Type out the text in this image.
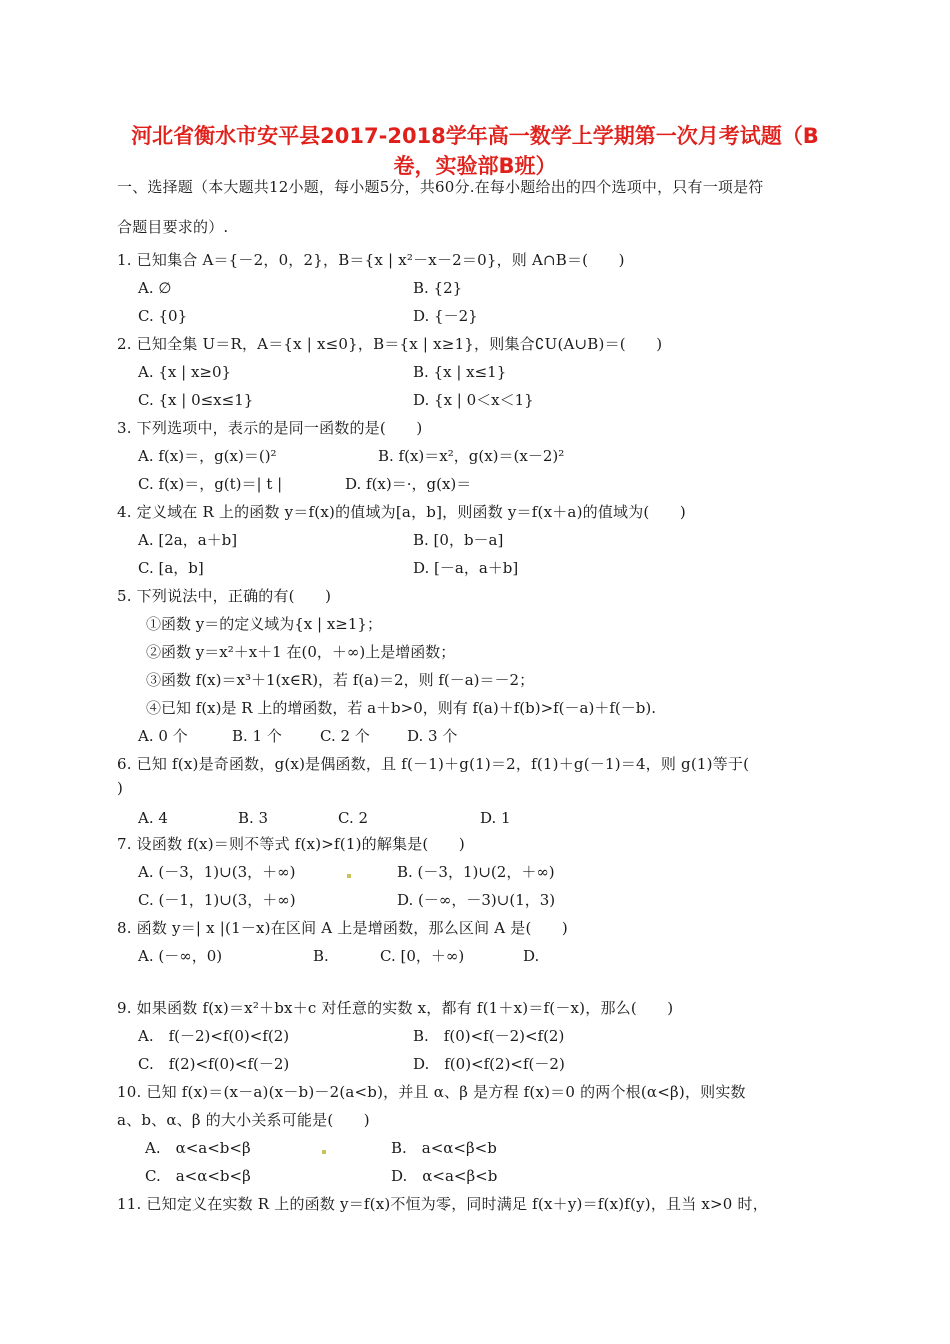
河北省衡水市安平县2017-2018学年高一数学上学期第一次月考试题（B
卷，实验部B班）
一、选择题（本大题共12小题，每小题5分，共60分.在每小题给出的四个选项中，只有一项是符
合题目要求的）.
1. 已知集合 A＝{－2，0，2}，B＝{x | x²－x－2＝0}，则 A∩B＝(　　)
A. ∅	B. {2}
C. {0}	D. {－2}
2. 已知全集 U＝R，A＝{x | x≤0}，B＝{x | x≥1}，则集合∁U(A∪B)＝(　　)
A. {x | x≥0}	B. {x | x≤1}
C. {x | 0≤x≤1}	D. {x | 0＜x＜1}
3. 下列选项中，表示的是同一函数的是(　　)
A. f(x)＝，g(x)＝()²	B. f(x)＝x²，g(x)＝(x－2)²
C. f(x)＝，g(t)＝| t |	D. f(x)＝·，g(x)＝
4. 定义域在 R 上的函数 y＝f(x)的值域为[a，b]，则函数 y＝f(x＋a)的值域为(　　)
A. [2a，a＋b]	B. [0，b－a]
C. [a，b]	D. [－a，a＋b]
5. 下列说法中，正确的有(　　)
①函数 y＝的定义域为{x | x≥1}；
②函数 y＝x²＋x＋1 在(0，＋∞)上是增函数；
③函数 f(x)＝x³＋1(x∈R)，若 f(a)＝2，则 f(－a)＝－2；
④已知 f(x)是 R 上的增函数，若 a＋b>0，则有 f(a)＋f(b)>f(－a)＋f(－b).
A. 0 个	B. 1 个	C. 2 个 D. 3 个
6. 已知 f(x)是奇函数，g(x)是偶函数，且 f(－1)＋g(1)＝2，f(1)＋g(－1)＝4，则 g(1)等于(
)
A. 4	B. 3	C. 2	D. 1
7. 设函数 f(x)＝则不等式 f(x)>f(1)的解集是(　　)
A. (－3，1)∪(3，＋∞)	B. (－3，1)∪(2，＋∞)
C. (－1，1)∪(3，＋∞)	D. (－∞，－3)∪(1，3)
8. 函数 y＝| x |(1－x)在区间 A 上是增函数，那么区间 A 是(　　)
A. (－∞，0)	B.	C. [0，＋∞)	D.
9. 如果函数 f(x)＝x²＋bx＋c 对任意的实数 x，都有 f(1＋x)＝f(－x)，那么(　　)
A.　f(－2)<f(0)<f(2)	B.　f(0)<f(－2)<f(2)
C.　f(2)<f(0)<f(－2)	D.　f(0)<f(2)<f(－2)
10. 已知 f(x)＝(x－a)(x－b)－2(a<b)，并且 α、β 是方程 f(x)＝0 的两个根(α<β)，则实数
a、b、α、β 的大小关系可能是(　　)
A.　α<a<b<β	B.　a<α<β<b
C.　a<α<b<β	D.　α<a<β<b
11. 已知定义在实数 R 上的函数 y＝f(x)不恒为零，同时满足 f(x＋y)＝f(x)f(y)，且当 x>0 时，
